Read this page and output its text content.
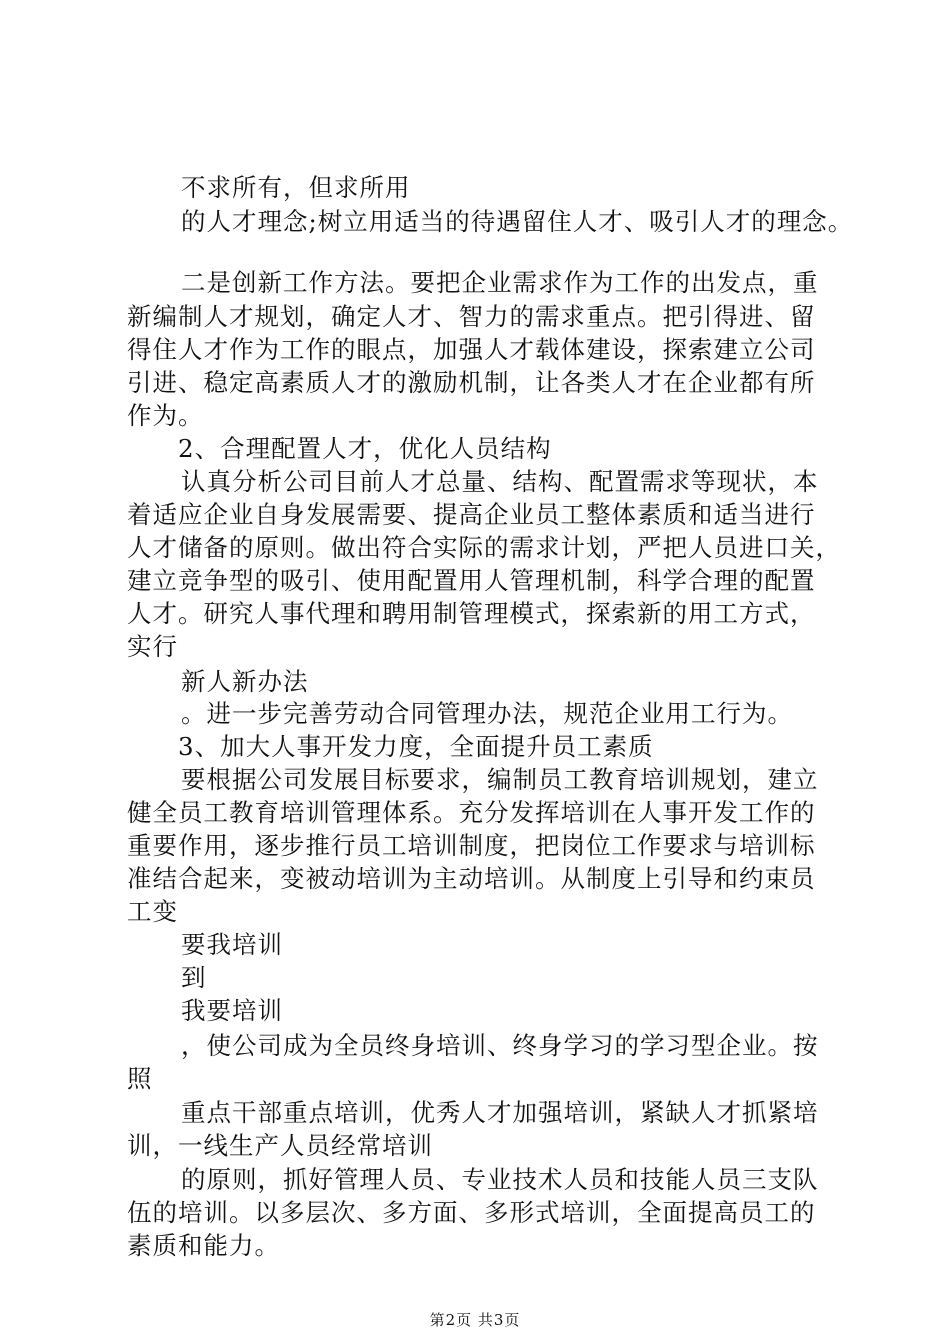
不求所有，但求所用
的人才理念;树立用适当的待遇留住人才、吸引人才的理念。
二是创新工作方法。要把企业需求作为工作的出发点，重
新编制人才规划，确定人才、智力的需求重点。把引得进、留
得住人才作为工作的眼点，加强人才载体建设，探索建立公司
引进、稳定高素质人才的激励机制，让各类人才在企业都有所
作为。
2、合理配置人才，优化人员结构
认真分析公司目前人才总量、结构、配置需求等现状，本
着适应企业自身发展需要、提高企业员工整体素质和适当进行
人才储备的原则。做出符合实际的需求计划，严把人员进口关，
建立竞争型的吸引、使用配置用人管理机制，科学合理的配置
人才。研究人事代理和聘用制管理模式，探索新的用工方式，
实行
新人新办法
。进一步完善劳动合同管理办法，规范企业用工行为。
3、加大人事开发力度，全面提升员工素质
要根据公司发展目标要求，编制员工教育培训规划，建立
健全员工教育培训管理体系。充分发挥培训在人事开发工作的
重要作用，逐步推行员工培训制度，把岗位工作要求与培训标
准结合起来，变被动培训为主动培训。从制度上引导和约束员
工变
要我培训
到
我要培训
，使公司成为全员终身培训、终身学习的学习型企业。按
照
重点干部重点培训，优秀人才加强培训，紧缺人才抓紧培
训，一线生产人员经常培训
的原则，抓好管理人员、专业技术人员和技能人员三支队
伍的培训。以多层次、多方面、多形式培训，全面提高员工的
素质和能力。
第2页 共3页
